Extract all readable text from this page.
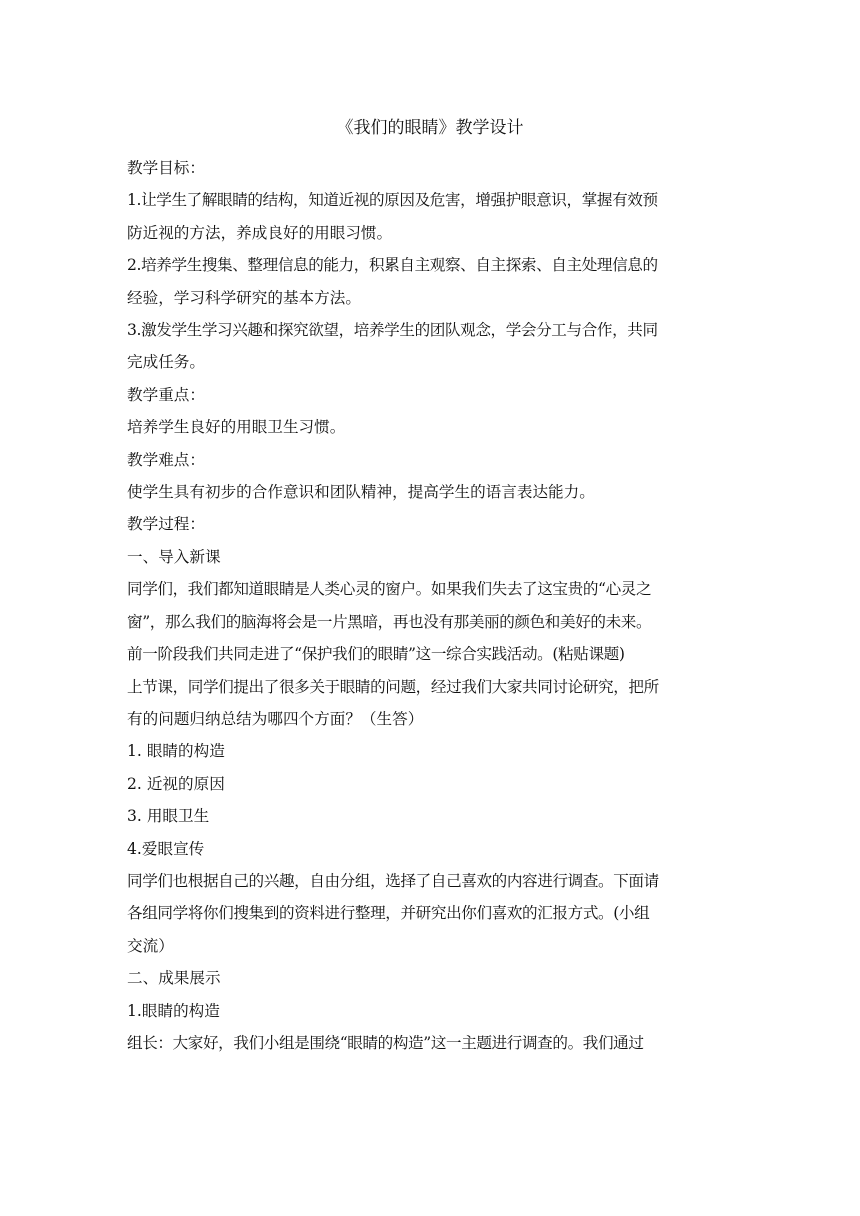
《我们的眼睛》教学设计

教学目标：

1.让学生了解眼睛的结构，知道近视的原因及危害，增强护眼意识，掌握有效预

防近视的方法，养成良好的用眼习惯。

2.培养学生搜集、整理信息的能力，积累自主观察、自主探索、自主处理信息的

经验，学习科学研究的基本方法。

3.激发学生学习兴趣和探究欲望，培养学生的团队观念，学会分工与合作，共同

完成任务。

教学重点：

培养学生良好的用眼卫生习惯。

教学难点：

使学生具有初步的合作意识和团队精神，提高学生的语言表达能力。

教学过程：

一、导入新课

同学们，我们都知道眼睛是人类心灵的窗户。如果我们失去了这宝贵的“心灵之

窗”，那么我们的脑海将会是一片黑暗，再也没有那美丽的颜色和美好的未来。

前一阶段我们共同走进了“保护我们的眼睛”这一综合实践活动。(粘贴课题)

上节课，同学们提出了很多关于眼睛的问题，经过我们大家共同讨论研究，把所

有的问题归纳总结为哪四个方面？（生答）

1. 眼睛的构造

2. 近视的原因

3. 用眼卫生

4.爱眼宣传

同学们也根据自己的兴趣，自由分组，选择了自己喜欢的内容进行调查。下面请

各组同学将你们搜集到的资料进行整理，并研究出你们喜欢的汇报方式。(小组

交流）

二、成果展示

1.眼睛的构造

组长：大家好，我们小组是围绕“眼睛的构造”这一主题进行调查的。我们通过
